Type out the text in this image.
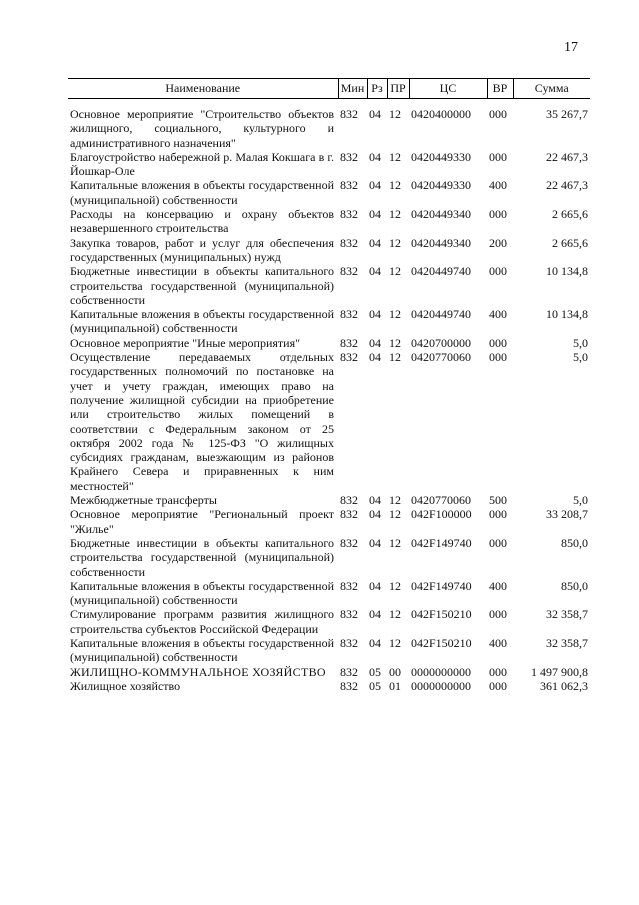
17
Наименование	Мин	Рз	ПР	ЦС	ВР	Сумма
Основное мероприятие "Строительство объектов жилищного, социального, культурного и административного назначения"	832	04	12	0420400000	000	35 267,7
Благоустройство набережной р. Малая Кокшага в г. Йошкар-Оле	832	04	12	0420449330	000	22 467,3
Капитальные вложения в объекты государственной (муниципальной) собственности	832	04	12	0420449330	400	22 467,3
Расходы на консервацию и охрану объектов незавершенного строительства	832	04	12	0420449340	000	2 665,6
Закупка товаров, работ и услуг для обеспечения государственных (муниципальных) нужд	832	04	12	0420449340	200	2 665,6
Бюджетные инвестиции в объекты капитального строительства государственной (муниципальной) собственности	832	04	12	0420449740	000	10 134,8
Капитальные вложения в объекты государственной (муниципальной) собственности	832	04	12	0420449740	400	10 134,8
Основное мероприятие "Иные мероприятия"	832	04	12	0420700000	000	5,0
Осуществление передаваемых отдельных государственных полномочий по постановке на учет и учету граждан, имеющих право на получение жилищной субсидии на приобретение или строительство жилых помещений в соответствии с Федеральным законом от 25 октября 2002 года № 125-ФЗ "О жилищных субсидиях гражданам, выезжающим из районов Крайнего Севера и приравненных к ним местностей"	832	04	12	0420770060	000	5,0
Межбюджетные трансферты	832	04	12	0420770060	500	5,0
Основное мероприятие "Региональный проект "Жилье"	832	04	12	042F100000	000	33 208,7
Бюджетные инвестиции в объекты капитального строительства государственной (муниципальной) собственности	832	04	12	042F149740	000	850,0
Капитальные вложения в объекты государственной (муниципальной) собственности	832	04	12	042F149740	400	850,0
Стимулирование программ развития жилищного строительства субъектов Российской Федерации	832	04	12	042F150210	000	32 358,7
Капитальные вложения в объекты государственной (муниципальной) собственности	832	04	12	042F150210	400	32 358,7
ЖИЛИЩНО-КОММУНАЛЬНОЕ ХОЗЯЙСТВО	832	05	00	0000000000	000	1 497 900,8
Жилищное хозяйство	832	05	01	0000000000	000	361 062,3
